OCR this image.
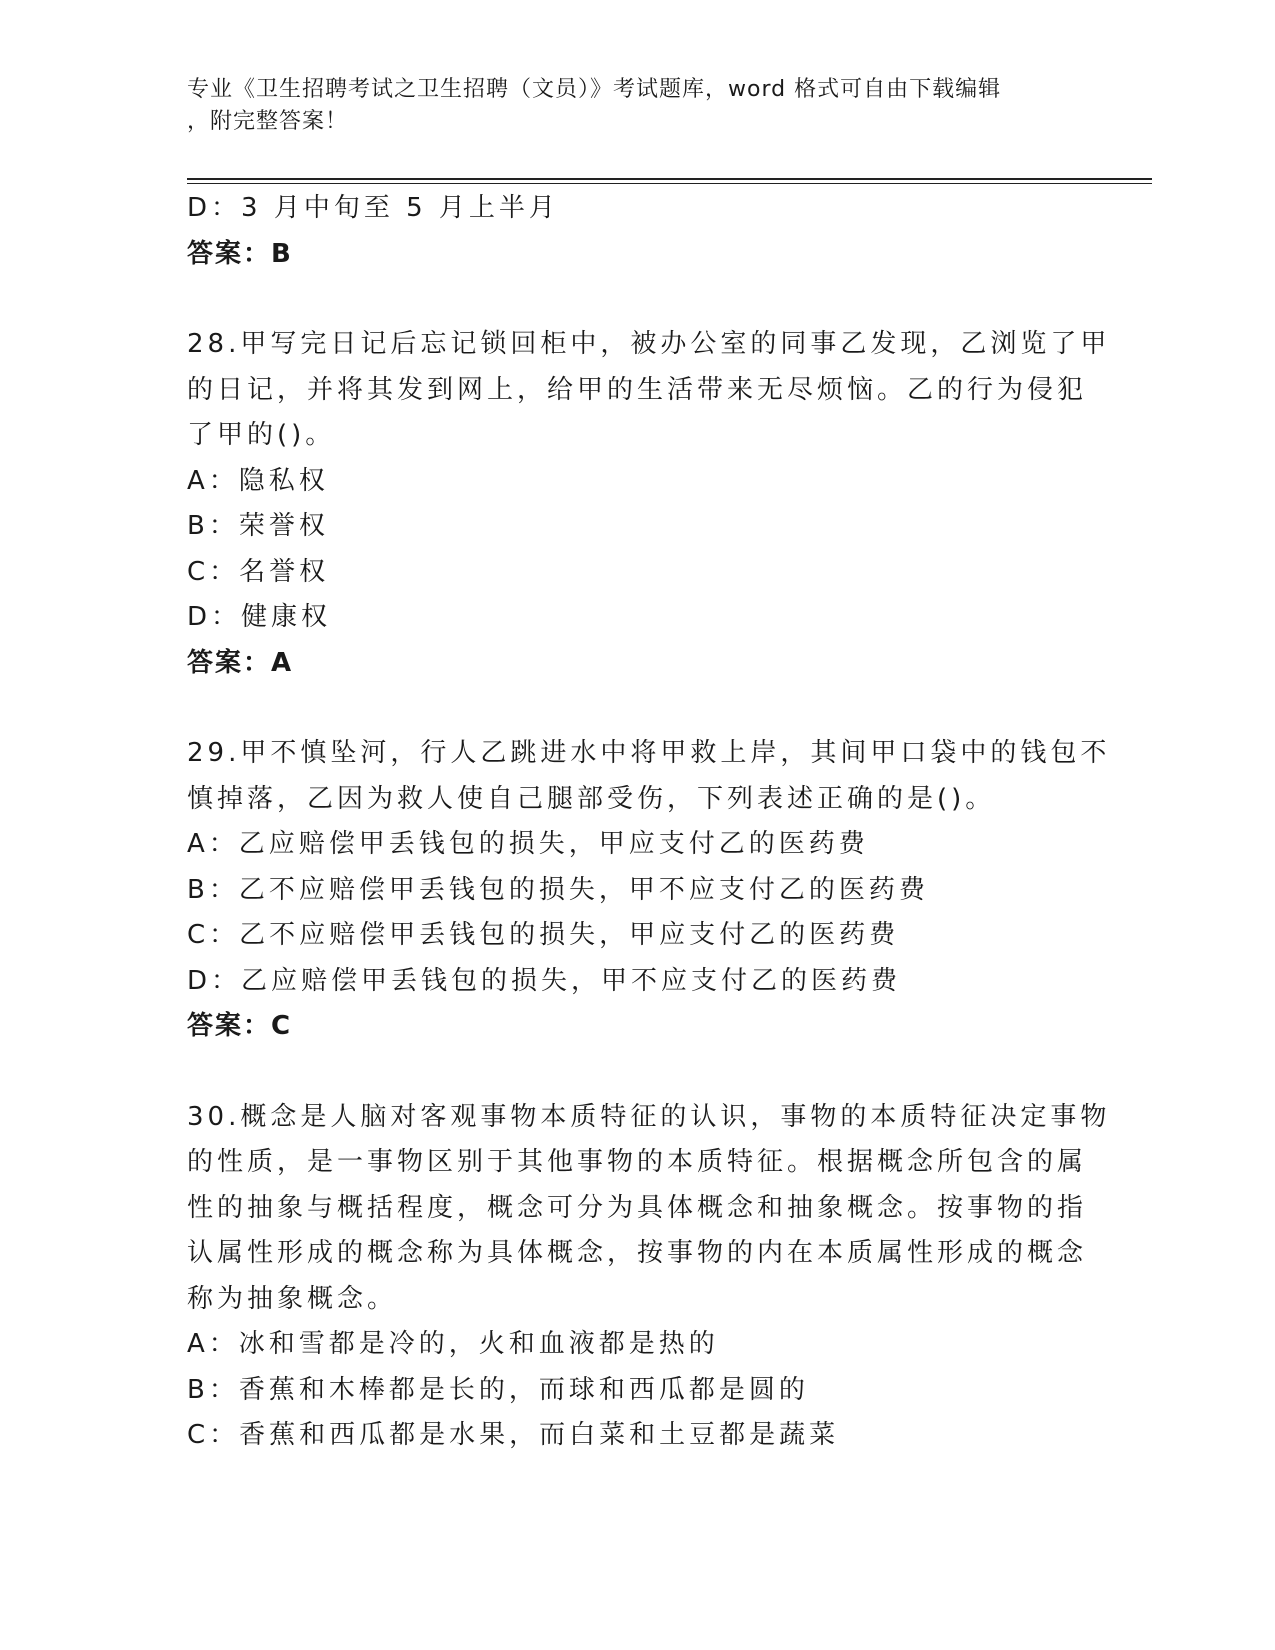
专业《卫生招聘考试之卫生招聘（文员）》考试题库，word 格式可自由下载编辑
，附完整答案！

D：3 月中旬至 5 月上半月

答案：B

28.甲写完日记后忘记锁回柜中，被办公室的同事乙发现，乙浏览了甲

的日记，并将其发到网上，给甲的生活带来无尽烦恼。乙的行为侵犯

了甲的()。

A：隐私权

B：荣誉权

C：名誉权

D：健康权

答案：A

29.甲不慎坠河，行人乙跳进水中将甲救上岸，其间甲口袋中的钱包不

慎掉落，乙因为救人使自己腿部受伤，下列表述正确的是()。

A：乙应赔偿甲丢钱包的损失，甲应支付乙的医药费

B：乙不应赔偿甲丢钱包的损失，甲不应支付乙的医药费

C：乙不应赔偿甲丢钱包的损失，甲应支付乙的医药费

D：乙应赔偿甲丢钱包的损失，甲不应支付乙的医药费

答案：C

30.概念是人脑对客观事物本质特征的认识，事物的本质特征决定事物

的性质，是一事物区别于其他事物的本质特征。根据概念所包含的属

性的抽象与概括程度，概念可分为具体概念和抽象概念。按事物的指

认属性形成的概念称为具体概念，按事物的内在本质属性形成的概念

称为抽象概念。

A：冰和雪都是冷的，火和血液都是热的

B：香蕉和木棒都是长的，而球和西瓜都是圆的

C：香蕉和西瓜都是水果，而白菜和土豆都是蔬菜
